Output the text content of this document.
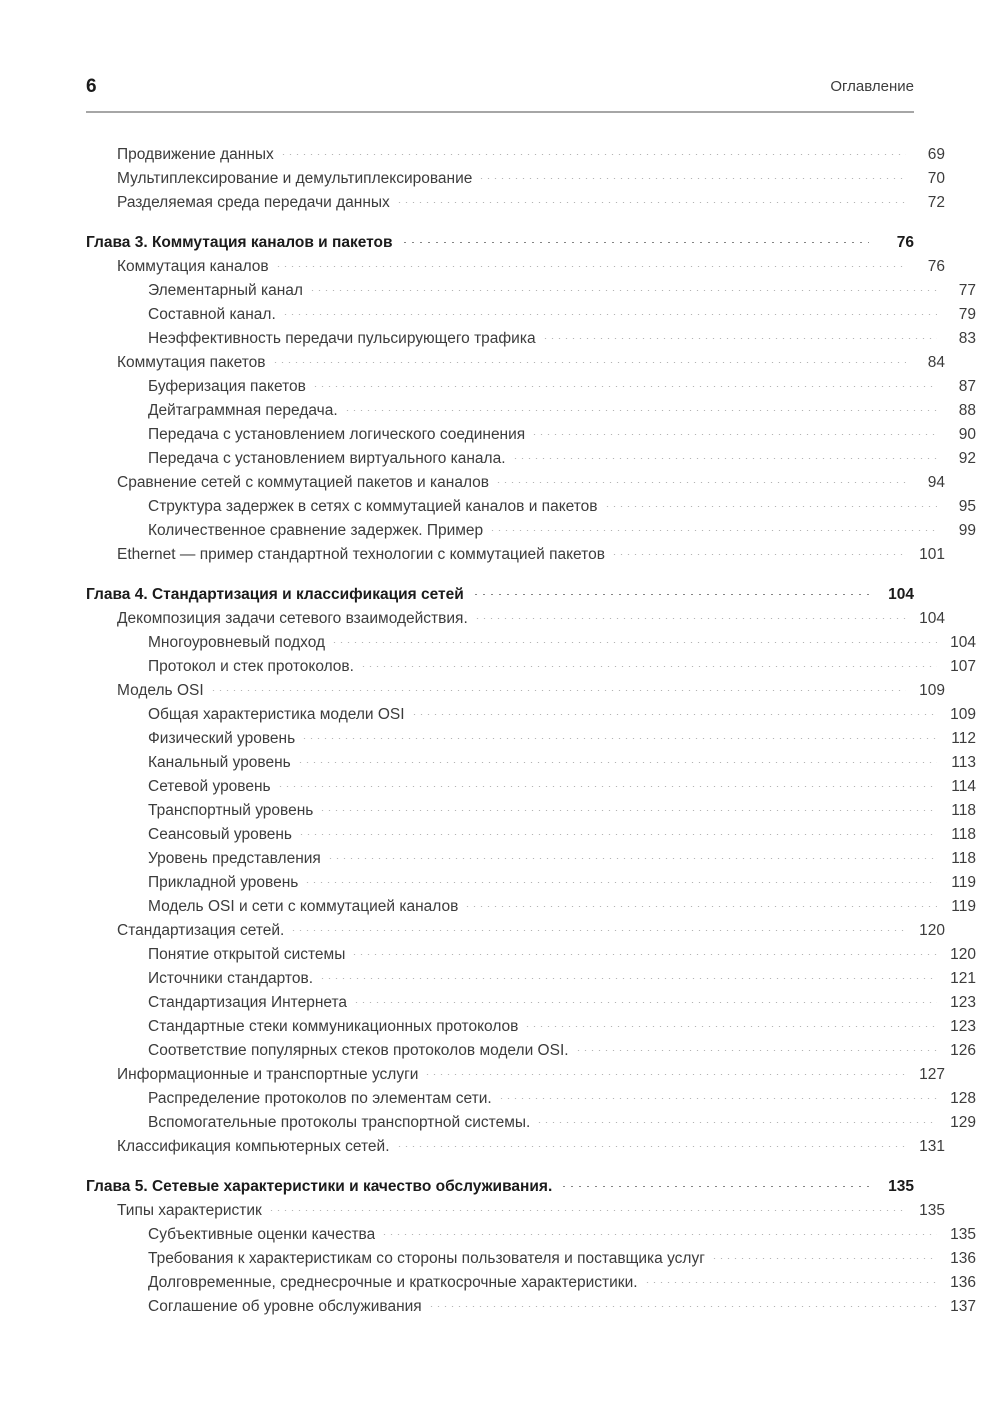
6	Оглавление
Продвижение данных	69
Мультиплексирование и демультиплексирование	70
Разделяемая среда передачи данных	72
Глава 3. Коммутация каналов и пакетов	76
Коммутация каналов	76
Элементарный канал	77
Составной канал.	79
Неэффективность передачи пульсирующего трафика	83
Коммутация пакетов	84
Буферизация пакетов	87
Дейтаграммная передача.	88
Передача с установлением логического соединения	90
Передача с установлением виртуального канала.	92
Сравнение сетей с коммутацией пакетов и каналов	94
Структура задержек в сетях с коммутацией каналов и пакетов	95
Количественное сравнение задержек. Пример	99
Ethernet — пример стандартной технологии с коммутацией пакетов	101
Глава 4. Стандартизация и классификация сетей	104
Декомпозиция задачи сетевого взаимодействия.	104
Многоуровневый подход	104
Протокол и стек протоколов.	107
Модель OSI	109
Общая характеристика модели OSI	109
Физический уровень	112
Канальный уровень	113
Сетевой уровень	114
Транспортный уровень	118
Сеансовый уровень	118
Уровень представления	118
Прикладной уровень	119
Модель OSI и сети с коммутацией каналов	119
Стандартизация сетей.	120
Понятие открытой системы	120
Источники стандартов.	121
Стандартизация Интернета	123
Стандартные стеки коммуникационных протоколов	123
Соответствие популярных стеков протоколов модели OSI.	126
Информационные и транспортные услуги	127
Распределение протоколов по элементам сети.	128
Вспомогательные протоколы транспортной системы.	129
Классификация компьютерных сетей.	131
Глава 5. Сетевые характеристики и качество обслуживания.	135
Типы характеристик	135
Субъективные оценки качества	135
Требования к характеристикам со стороны пользователя и поставщика услуг	136
Долговременные, среднесрочные и краткосрочные характеристики.	136
Соглашение об уровне обслуживания	137
